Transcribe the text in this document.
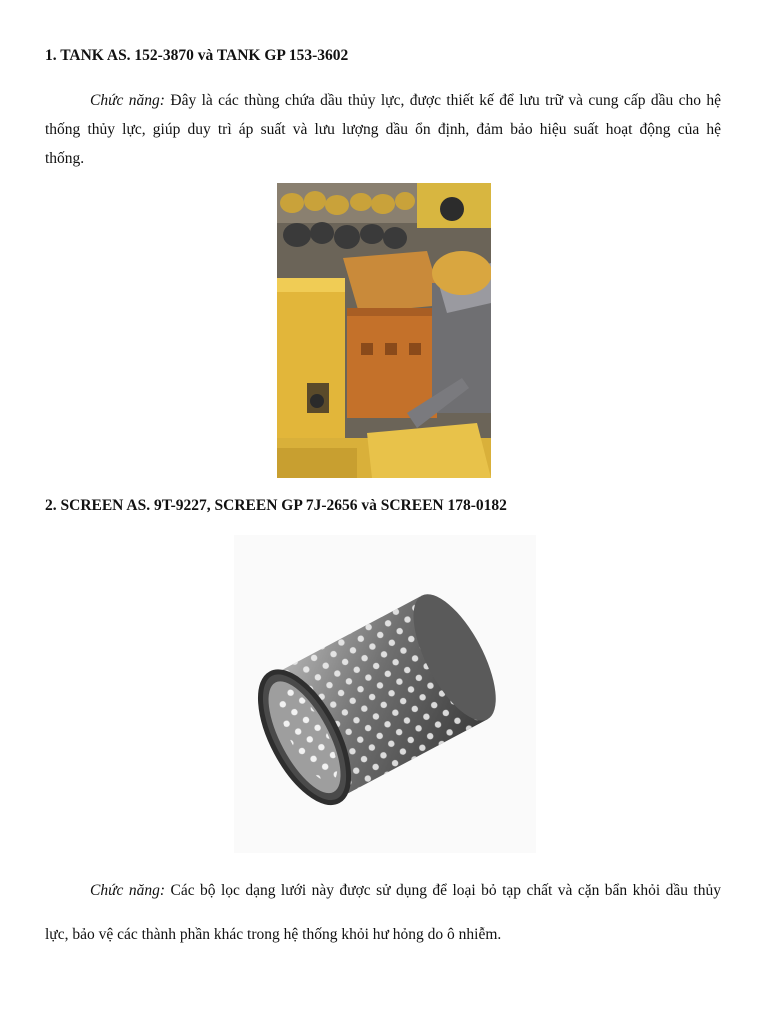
1. TANK AS. 152-3870 và TANK GP 153-3602
Chức năng: Đây là các thùng chứa dầu thủy lực, được thiết kế để lưu trữ và cung cấp dầu cho hệ
thống thủy lực, giúp duy trì áp suất và lưu lượng dầu ổn định, đảm bảo hiệu suất hoạt động của hệ
thống.
2. SCREEN AS. 9T-9227, SCREEN GP 7J-2656 và SCREEN 178-0182
Chức năng: Các bộ lọc dạng lưới này được sử dụng để loại bỏ tạp chất và cặn bẩn khỏi dầu thủy
lực, bảo vệ các thành phần khác trong hệ thống khỏi hư hỏng do ô nhiễm.
